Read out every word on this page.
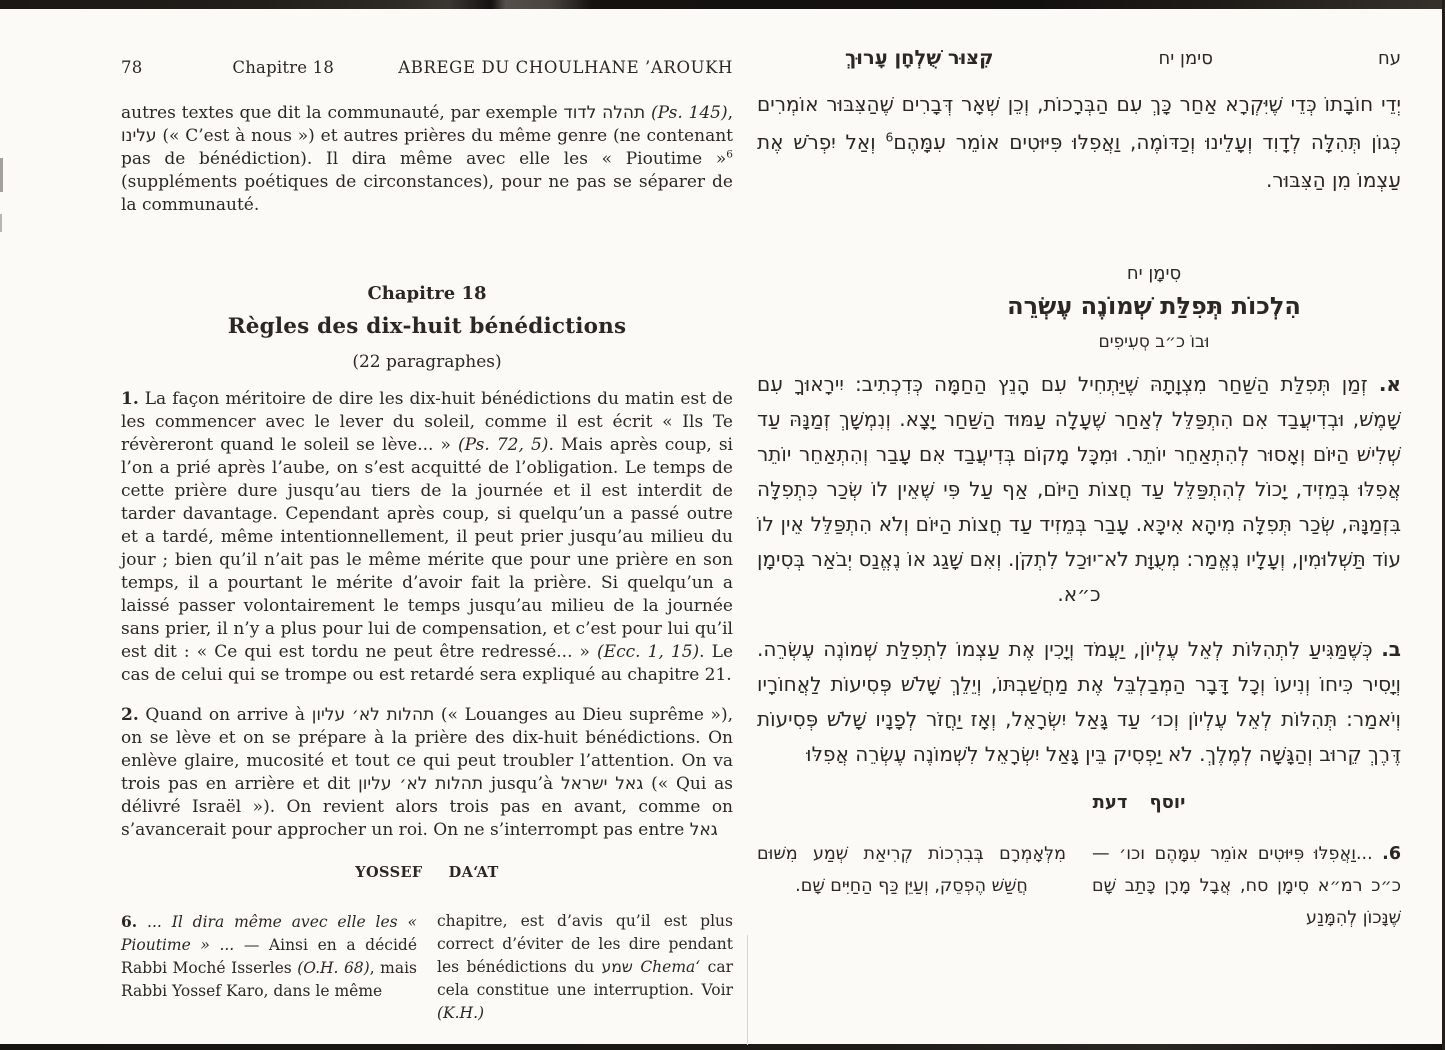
78	Chapitre 18	ABREGE DU CHOULHANE ’AROUKH

autres textes que dit la communauté, par exemple תהלה לדוד (Ps. 145), עלינו (« C’est à nous ») et autres prières du même genre (ne contenant pas de bénédiction). Il dira même avec elle les « Pioutime »$^6$ (suppléments poétiques de circonstances), pour ne pas se séparer de la communauté.

Chapitre 18
Règles des dix-huit bénédictions
(22 paragraphes)

1. La façon méritoire de dire les dix-huit bénédictions du matin est de les commencer avec le lever du soleil, comme il est écrit « Ils Te révèreront quand le soleil se lève... » (Ps. 72, 5). Mais après coup, si l’on a prié après l’aube, on s’est acquitté de l’obligation. Le temps de cette prière dure jusqu’au tiers de la journée et il est interdit de tarder davantage. Cependant après coup, si quelqu’un a passé outre et a tardé, même intentionnellement, il peut prier jusqu’au milieu du jour ; bien qu’il n’ait pas le même mérite que pour une prière en son temps, il a pourtant le mérite d’avoir fait la prière. Si quelqu’un a laissé passer volontairement le temps jusqu’au milieu de la journée sans prier, il n’y a plus pour lui de compensation, et c’est pour lui qu’il est dit : « Ce qui est tordu ne peut être redressé... » (Ecc. 1, 15). Le cas de celui qui se trompe ou est retardé sera expliqué au chapitre 21.

2. Quand on arrive à תהלות לא׳ עליון (« Louanges au Dieu suprême »), on se lève et on se prépare à la prière des dix-huit bénédictions. On enlève glaire, mucosité et tout ce qui peut troubler l’attention. On va trois pas en arrière et dit תהלות לא׳ עליון jusqu’à גאל ישראל (« Qui as délivré Israël »). On revient alors trois pas en avant, comme on s’avancerait pour approcher un roi. On ne s’interrompt pas entre גאל

YOSSEF DA‘AT

6. ... Il dira même avec elle les « Pioutime » ... — Ainsi en a décidé Rabbi Moché Isserles (O.H. 68), mais Rabbi Yossef Karo, dans le même

chapitre, est d’avis qu’il est plus correct d’éviter de les dire pendant les bénédictions du שמע Chema‘ car cela constitue une interruption. Voir (K.H.)

עח
סימן יח
קִצּוּר שֻׁלְחָן עָרוּךְ

יְדֵי חוֹבָתוֹ כְּדֵי שֶׁיִּקְרָא אַחַר כָּךְ עִם הַבְּרָכוֹת, וְכֵן שְׁאָר דְּבָרִים שֶׁהַצִּבּוּר אוֹמְרִים כְּגוֹן תְּהִלָּה לְדָוִד וְעָלֵינוּ וְכַדּוֹמֶה, וַאֲפִלּוּ פִּיּוּטִים אוֹמֵר עִמָּהֶם$^6$ וְאַל יִפְרֹשׁ אֶת עַצְמוֹ מִן הַצִּבּוּר.

סִימָן יח
הִלְכוֹת תְּפִלַּת שְׁמוֹנֶה עֶשְׂרֵה
וּבוֹ כ״ב סְעִיפִים

א. זְמַן תְּפִלַּת הַשַּׁחַר מִצְוָתָהּ שֶׁיַּתְחִיל עִם הָנֵץ הַחַמָּה כְּדִכְתִיב: יִירָאוּךָ עִם שָׁמֶשׁ, וּבְדִיעֲבַד אִם הִתְפַּלֵּל לְאַחַר שֶׁעָלָה עַמּוּד הַשַּׁחַר יָצָא. וְנִמְשָׁךְ זְמַנָּהּ עַד שְׁלִישׁ הַיּוֹם וְאָסוּר לְהִתְאַחֵר יוֹתֵר. וּמִכָּל מָקוֹם בְּדִיעֲבַד אִם עָבַר וְהִתְאַחֵר יוֹתֵר אֲפִלּוּ בְּמֵזִיד, יָכוֹל לְהִתְפַּלֵּל עַד חֲצוֹת הַיּוֹם, אַף עַל פִּי שֶׁאֵין לוֹ שְׂכַר כִּתְפִלָּה בִּזְמַנָּהּ, שְׂכַר תְּפִלָּה מִיהָא אִיכָּא. עָבַר בְּמֵזִיד עַד חֲצוֹת הַיּוֹם וְלֹא הִתְפַּלֵּל אֵין לוֹ עוֹד תַּשְׁלוּמִין, וְעָלָיו נֶאֱמַר: מְעֻוָּת לֹא־יוּכַל לִתְקֹן. וְאִם שָׁגַג אוֹ נֶאֱנַס יְבֹאַר בְּסִימָן כ״א.

ב. כְּשֶׁמַּגִּיעַ לִתְהִלּוֹת לְאֵל עֶלְיוֹן, יַעֲמֹד וְיָכִין אֶת עַצְמוֹ לִתְפִלַּת שְׁמוֹנֶה עֶשְׂרֵה. וְיָסִיר כִּיחוֹ וְנִיעוֹ וְכָל דָּבָר הַמְבַלְבֵּל אֶת מַחֲשַׁבְתּוֹ, וְיֵלֵךְ שָׁלֹשׁ פְּסִיעוֹת לַאֲחוֹרָיו וְיֹאמַר: תְּהִלּוֹת לְאֵל עֶלְיוֹן וְכוּ׳ עַד גָּאַל יִשְׂרָאֵל, וְאָז יַחֲזֹר לְפָנָיו שָׁלֹשׁ פְּסִיעוֹת דֶּרֶךְ קֵרוּב וְהַגָּשָׁה לְמֶלֶךְ. לֹא יַפְסִיק בֵּין גָּאַל יִשְׂרָאֵל לִשְׁמוֹנֶה עֶשְׂרֵה אֲפִלּוּ

יוסף
דעת

6. ...וַאֲפִלּוּ פִּיּוּטִים אוֹמֵר עִמָּהֶם וכו׳ — כ״כ רמ״א סִימָן סח, אֲבָל מָרָן כָּתַב שָׁם שֶׁנָּכוֹן לְהִמָּנַע

מִלְּאָמְרָם בְּבִרְכוֹת קְרִיאַת שְׁמַע מִשּׁוּם חֲשַׁשׁ הֶפְסֵק, וְעַיֵּן כַּף הַחַיִּים שָׁם.
